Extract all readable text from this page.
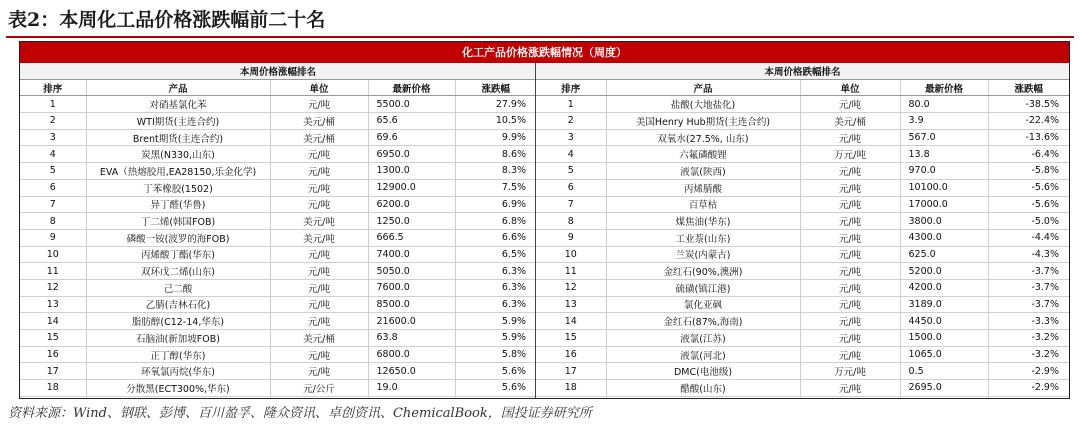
表2：本周化工品价格涨跌幅前二十名
化工产品价格涨跌幅情况（周度）
本周价格涨幅排名				
排序	产品	单位	最新价格	涨跌幅
1	对硝基氯化苯	元/吨	5500.0	27.9%
2	WTI期货(主连合约)	美元/桶	65.6	10.5%
3	Brent期货(主连合约)	美元/桶	69.6	9.9%
4	炭黑(N330,山东)	元/吨	6950.0	8.6%
5	EVA（热熔胶用,EA28150,乐金化学)	元/吨	1300.0	8.3%
6	丁苯橡胶(1502)	元/吨	12900.0	7.5%
7	异丁醛(华鲁)	元/吨	6200.0	6.9%
8	丁二烯(韩国FOB)	美元/吨	1250.0	6.8%
9	磷酸一铵(波罗的海FOB)	美元/吨	666.5	6.6%
10	丙烯酸丁酯(华东)	元/吨	7400.0	6.5%
11	双环戊二烯(山东)	元/吨	5050.0	6.3%
12	己二酸	元/吨	7600.0	6.3%
13	乙腈(吉林石化)	元/吨	8500.0	6.3%
14	脂肪醇(C12-14,华东)	元/吨	21600.0	5.9%
15	石脑油(新加坡FOB)	美元/桶	63.8	5.9%
16	正丁醇(华东)	元/吨	6800.0	5.8%
17	环氧氯丙烷(华东)	元/吨	12650.0	5.6%
18	分散黑(ECT300%,华东)	元/公斤	19.0	5.6%

本周价格跌幅排名				
排序	产品	单位	最新价格	涨跌幅
1	盐酸(大地盐化)	元/吨	80.0	-38.5%
2	美国Henry Hub期货(主连合约)	美元/桶	3.9	-22.4%
3	双氧水(27.5%, 山东)	元/吨	567.0	-13.6%
4	六氟磷酸锂	万元/吨	13.8	-6.4%
5	液氯(陕西)	元/吨	970.0	-5.8%
6	丙烯腈酸	元/吨	10100.0	-5.6%
7	百草枯	元/吨	17000.0	-5.6%
8	煤焦油(华东)	元/吨	3800.0	-5.0%
9	工业萘(山东)	元/吨	4300.0	-4.4%
10	兰炭(内蒙古)	元/吨	625.0	-4.3%
11	金红石(90%,澳洲)	元/吨	5200.0	-3.7%
12	硫磺(镇江港)	元/吨	4200.0	-3.7%
13	氯化亚砜	元/吨	3189.0	-3.7%
14	金红石(87%,海南)	元/吨	4450.0	-3.3%
15	液氯(江苏)	元/吨	1500.0	-3.2%
16	液氯(河北)	元/吨	1065.0	-3.2%
17	DMC(电池级)	万元/吨	0.5	-2.9%
18	醋酸(山东)	元/吨	2695.0	-2.9%

资料来源：Wind、钢联、彭博、百川盈孚、隆众资讯、卓创资讯、ChemicalBook，国投证券研究所
